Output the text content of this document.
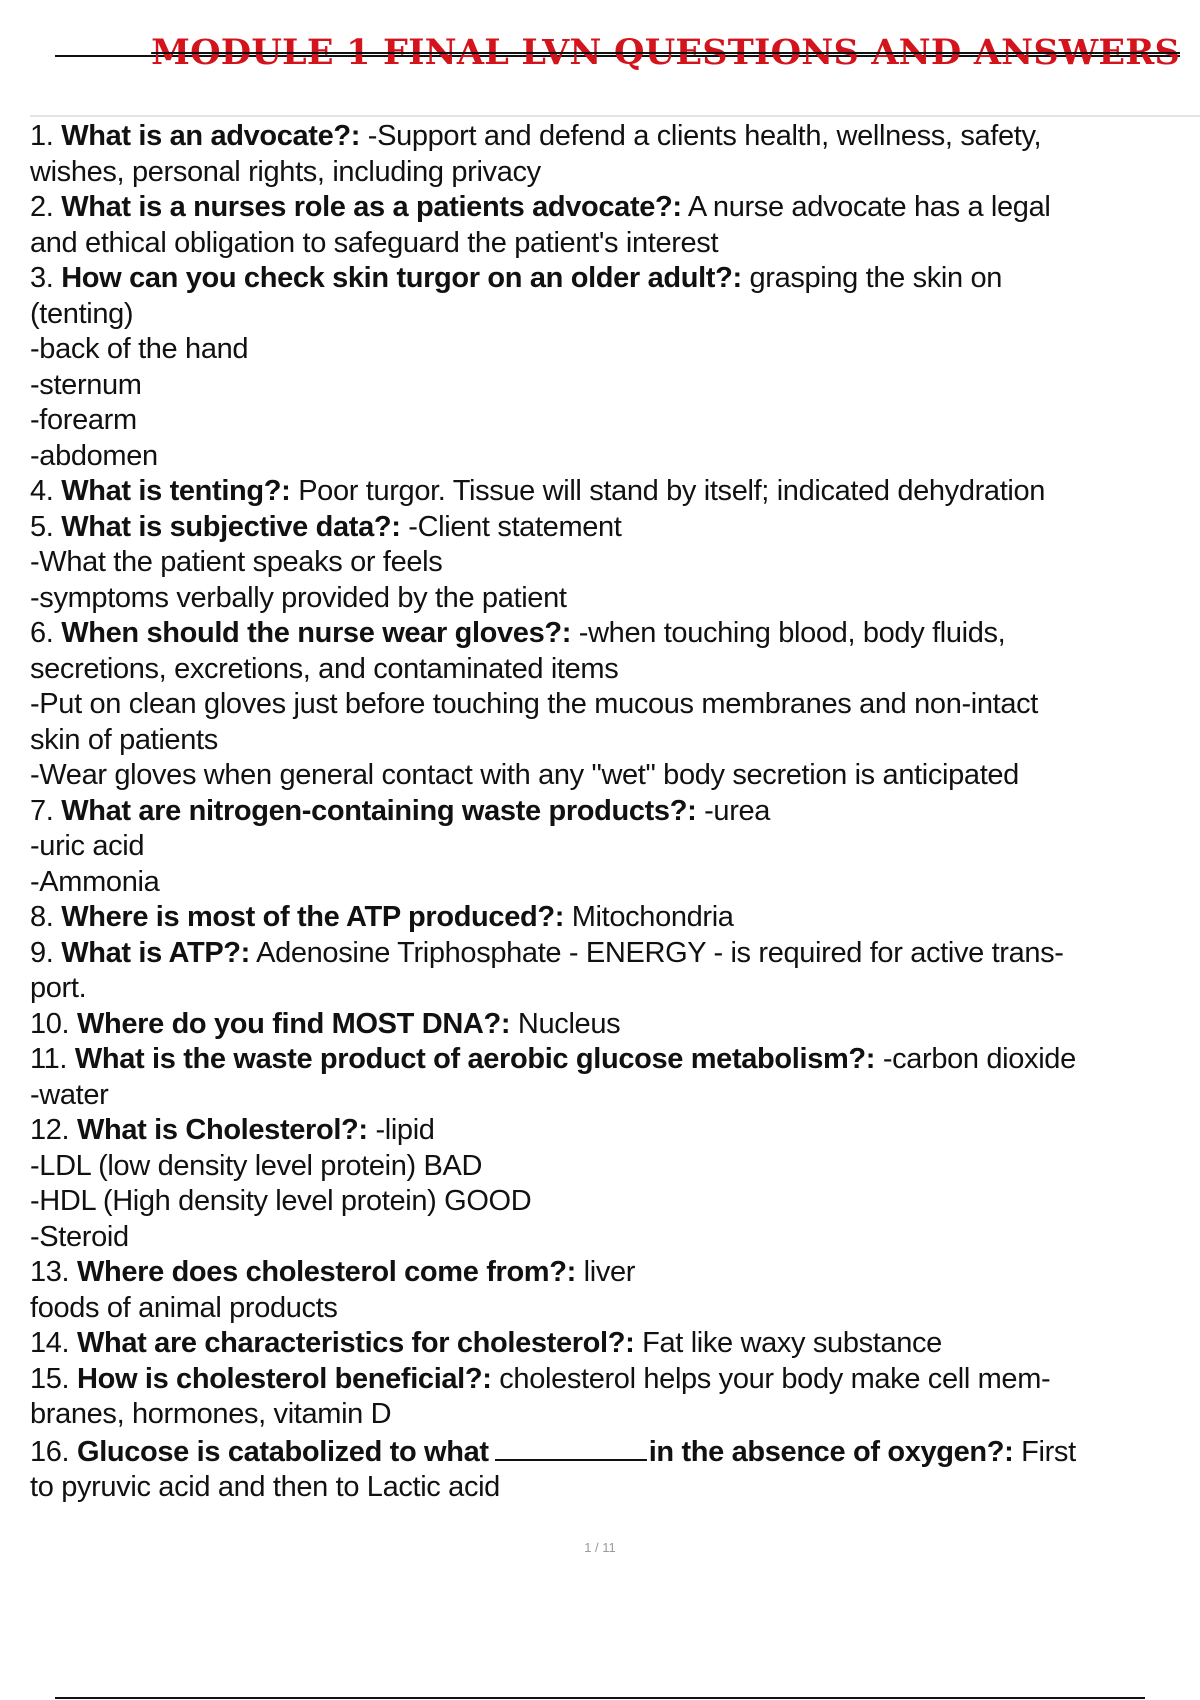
MODULE 1 FINAL LVN QUESTIONS AND ANSWERS
1. What is an advocate?: -Support and defend a clients health, wellness, safety,
wishes, personal rights, including privacy
2. What is a nurses role as a patients advocate?: A nurse advocate has a legal
and ethical obligation to safeguard the patient's interest
3. How can you check skin turgor on an older adult?: grasping the skin on
(tenting)
-back of the hand
-sternum
-forearm
-abdomen
4. What is tenting?: Poor turgor. Tissue will stand by itself; indicated dehydration
5. What is subjective data?: -Client statement
-What the patient speaks or feels
-symptoms verbally provided by the patient
6. When should the nurse wear gloves?: -when touching blood, body fluids,
secretions, excretions, and contaminated items
-Put on clean gloves just before touching the mucous membranes and non-intact
skin of patients
-Wear gloves when general contact with any "wet" body secretion is anticipated
7. What are nitrogen-containing waste products?: -urea
-uric acid
-Ammonia
8. Where is most of the ATP produced?: Mitochondria
9. What is ATP?: Adenosine Triphosphate - ENERGY - is required for active trans-
port.
10. Where do you find MOST DNA?: Nucleus
11. What is the waste product of aerobic glucose metabolism?: -carbon dioxide
-water
12. What is Cholesterol?: -lipid
-LDL (low density level protein) BAD
-HDL (High density level protein) GOOD
-Steroid
13. Where does cholesterol come from?: liver
foods of animal products
14. What are characteristics for cholesterol?: Fat like waxy substance
15. How is cholesterol beneficial?: cholesterol helps your body make cell mem-
branes, hormones, vitamin D
16. Glucose is catabolized to what	in the absence of oxygen?: First
to pyruvic acid and then to Lactic acid
1 / 11
